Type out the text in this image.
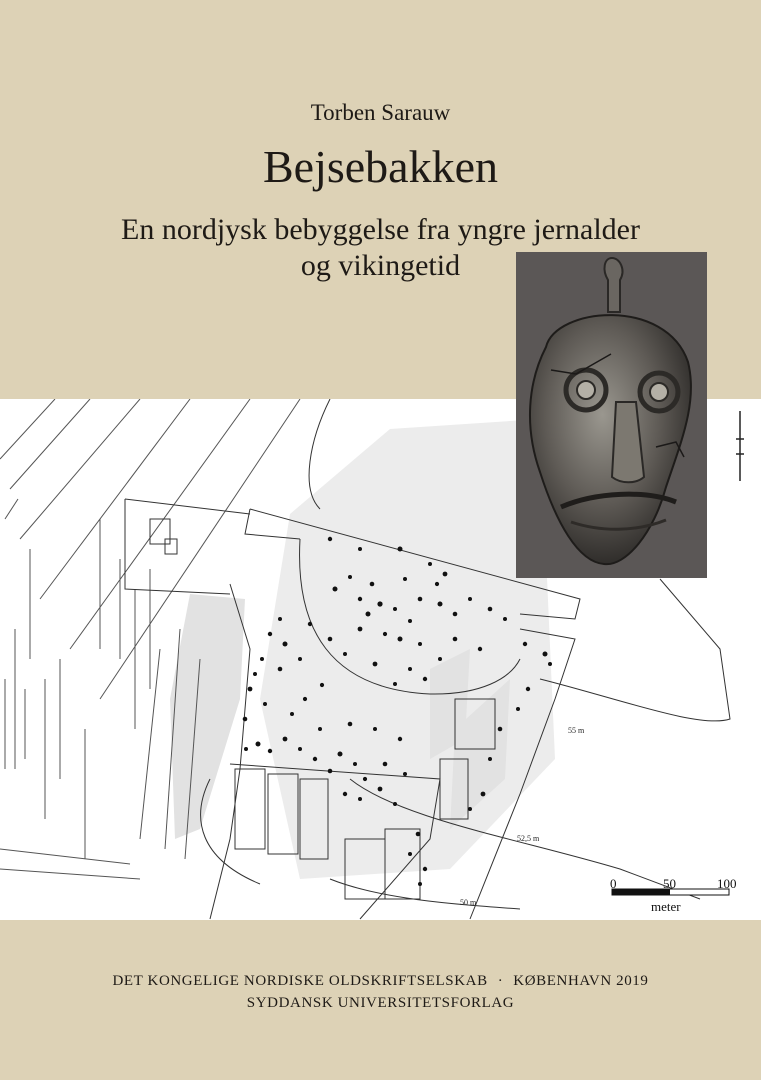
Torben Sarauw
Bejsebakken
En nordjysk bebyggelse fra yngre jernalder
og vikingetid
55 m
52,5 m
50 m
0	50	100
meter
DET KONGELIGE NORDISKE OLDSKRIFTSELSKAB · KØBENHAVN 2019
SYDDANSK UNIVERSITETSFORLAG
